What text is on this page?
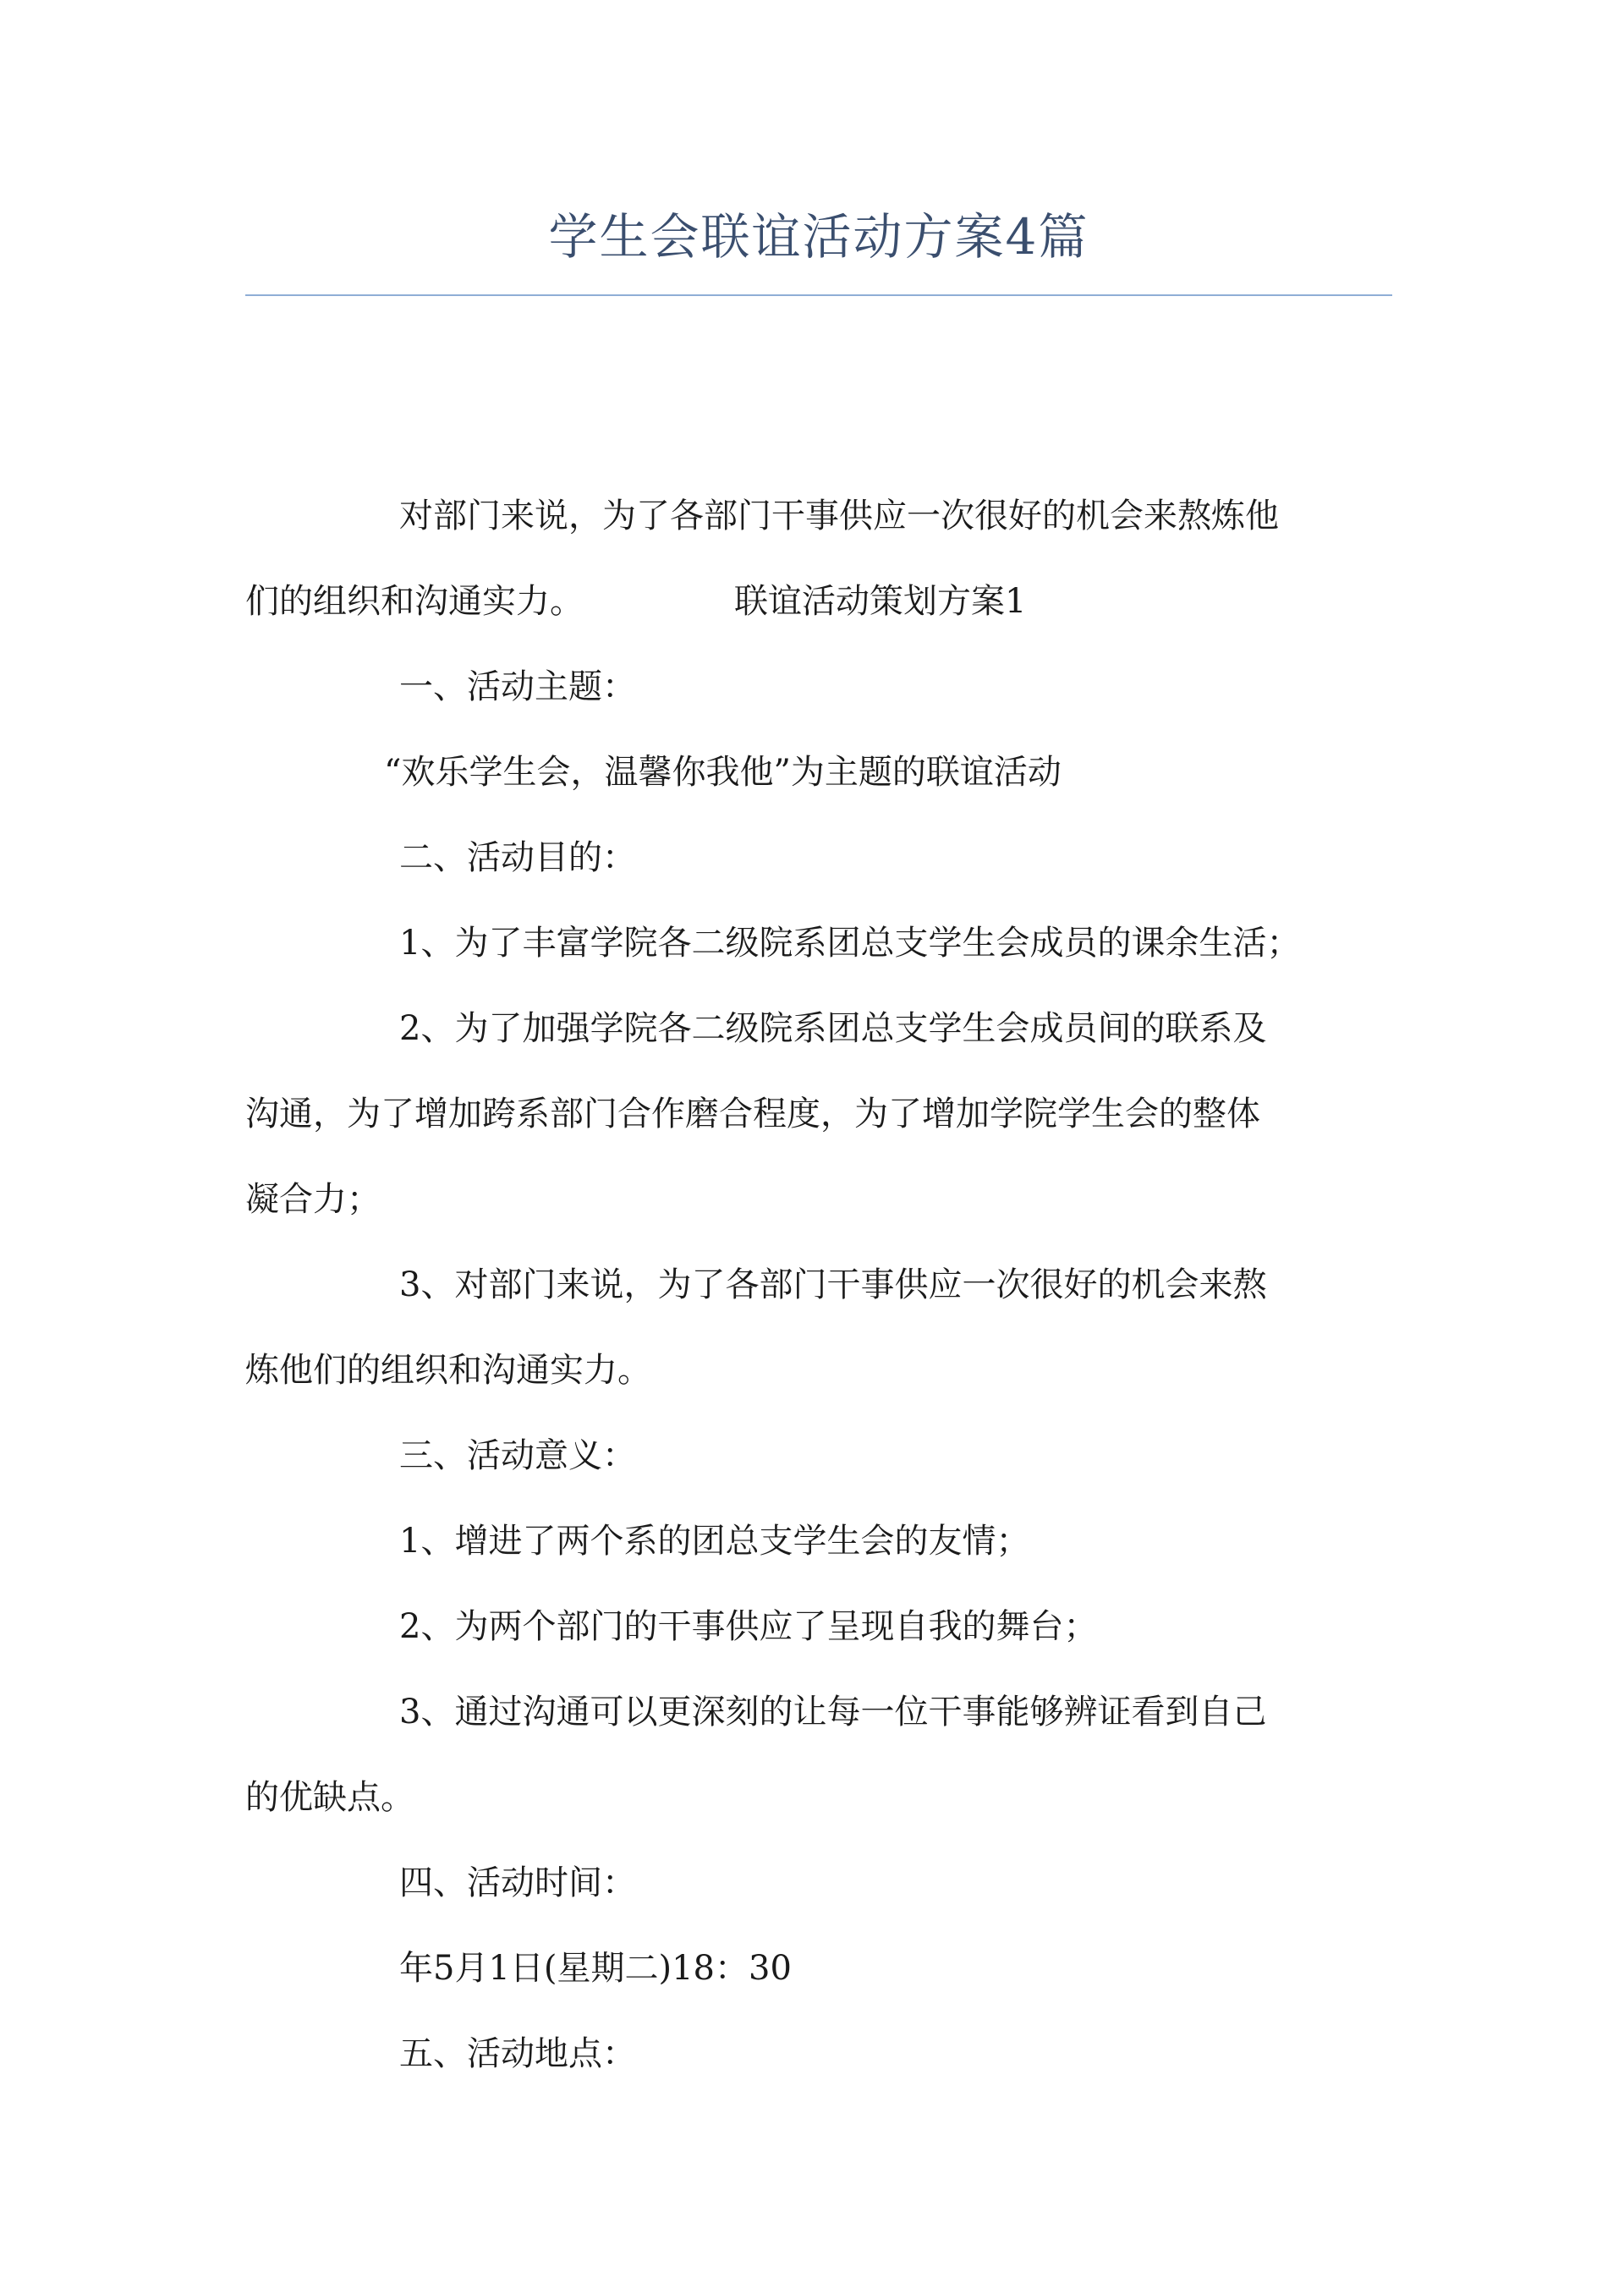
学生会联谊活动方案4篇

对部门来说，为了各部门干事供应一次很好的机会来熬炼他

们的组织和沟通实力。	联谊活动策划方案1

一、活动主题：

“欢乐学生会，温馨你我他”为主题的联谊活动

二、活动目的：

1、为了丰富学院各二级院系团总支学生会成员的课余生活；

2、为了加强学院各二级院系团总支学生会成员间的联系及

沟通，为了增加跨系部门合作磨合程度，为了增加学院学生会的整体

凝合力；

3、对部门来说，为了各部门干事供应一次很好的机会来熬

炼他们的组织和沟通实力。

三、活动意义：

1、增进了两个系的团总支学生会的友情；

2、为两个部门的干事供应了呈现自我的舞台；

3、通过沟通可以更深刻的让每一位干事能够辨证看到自己

的优缺点。

四、活动时间：

年5月1日(星期二)18：30

五、活动地点：
